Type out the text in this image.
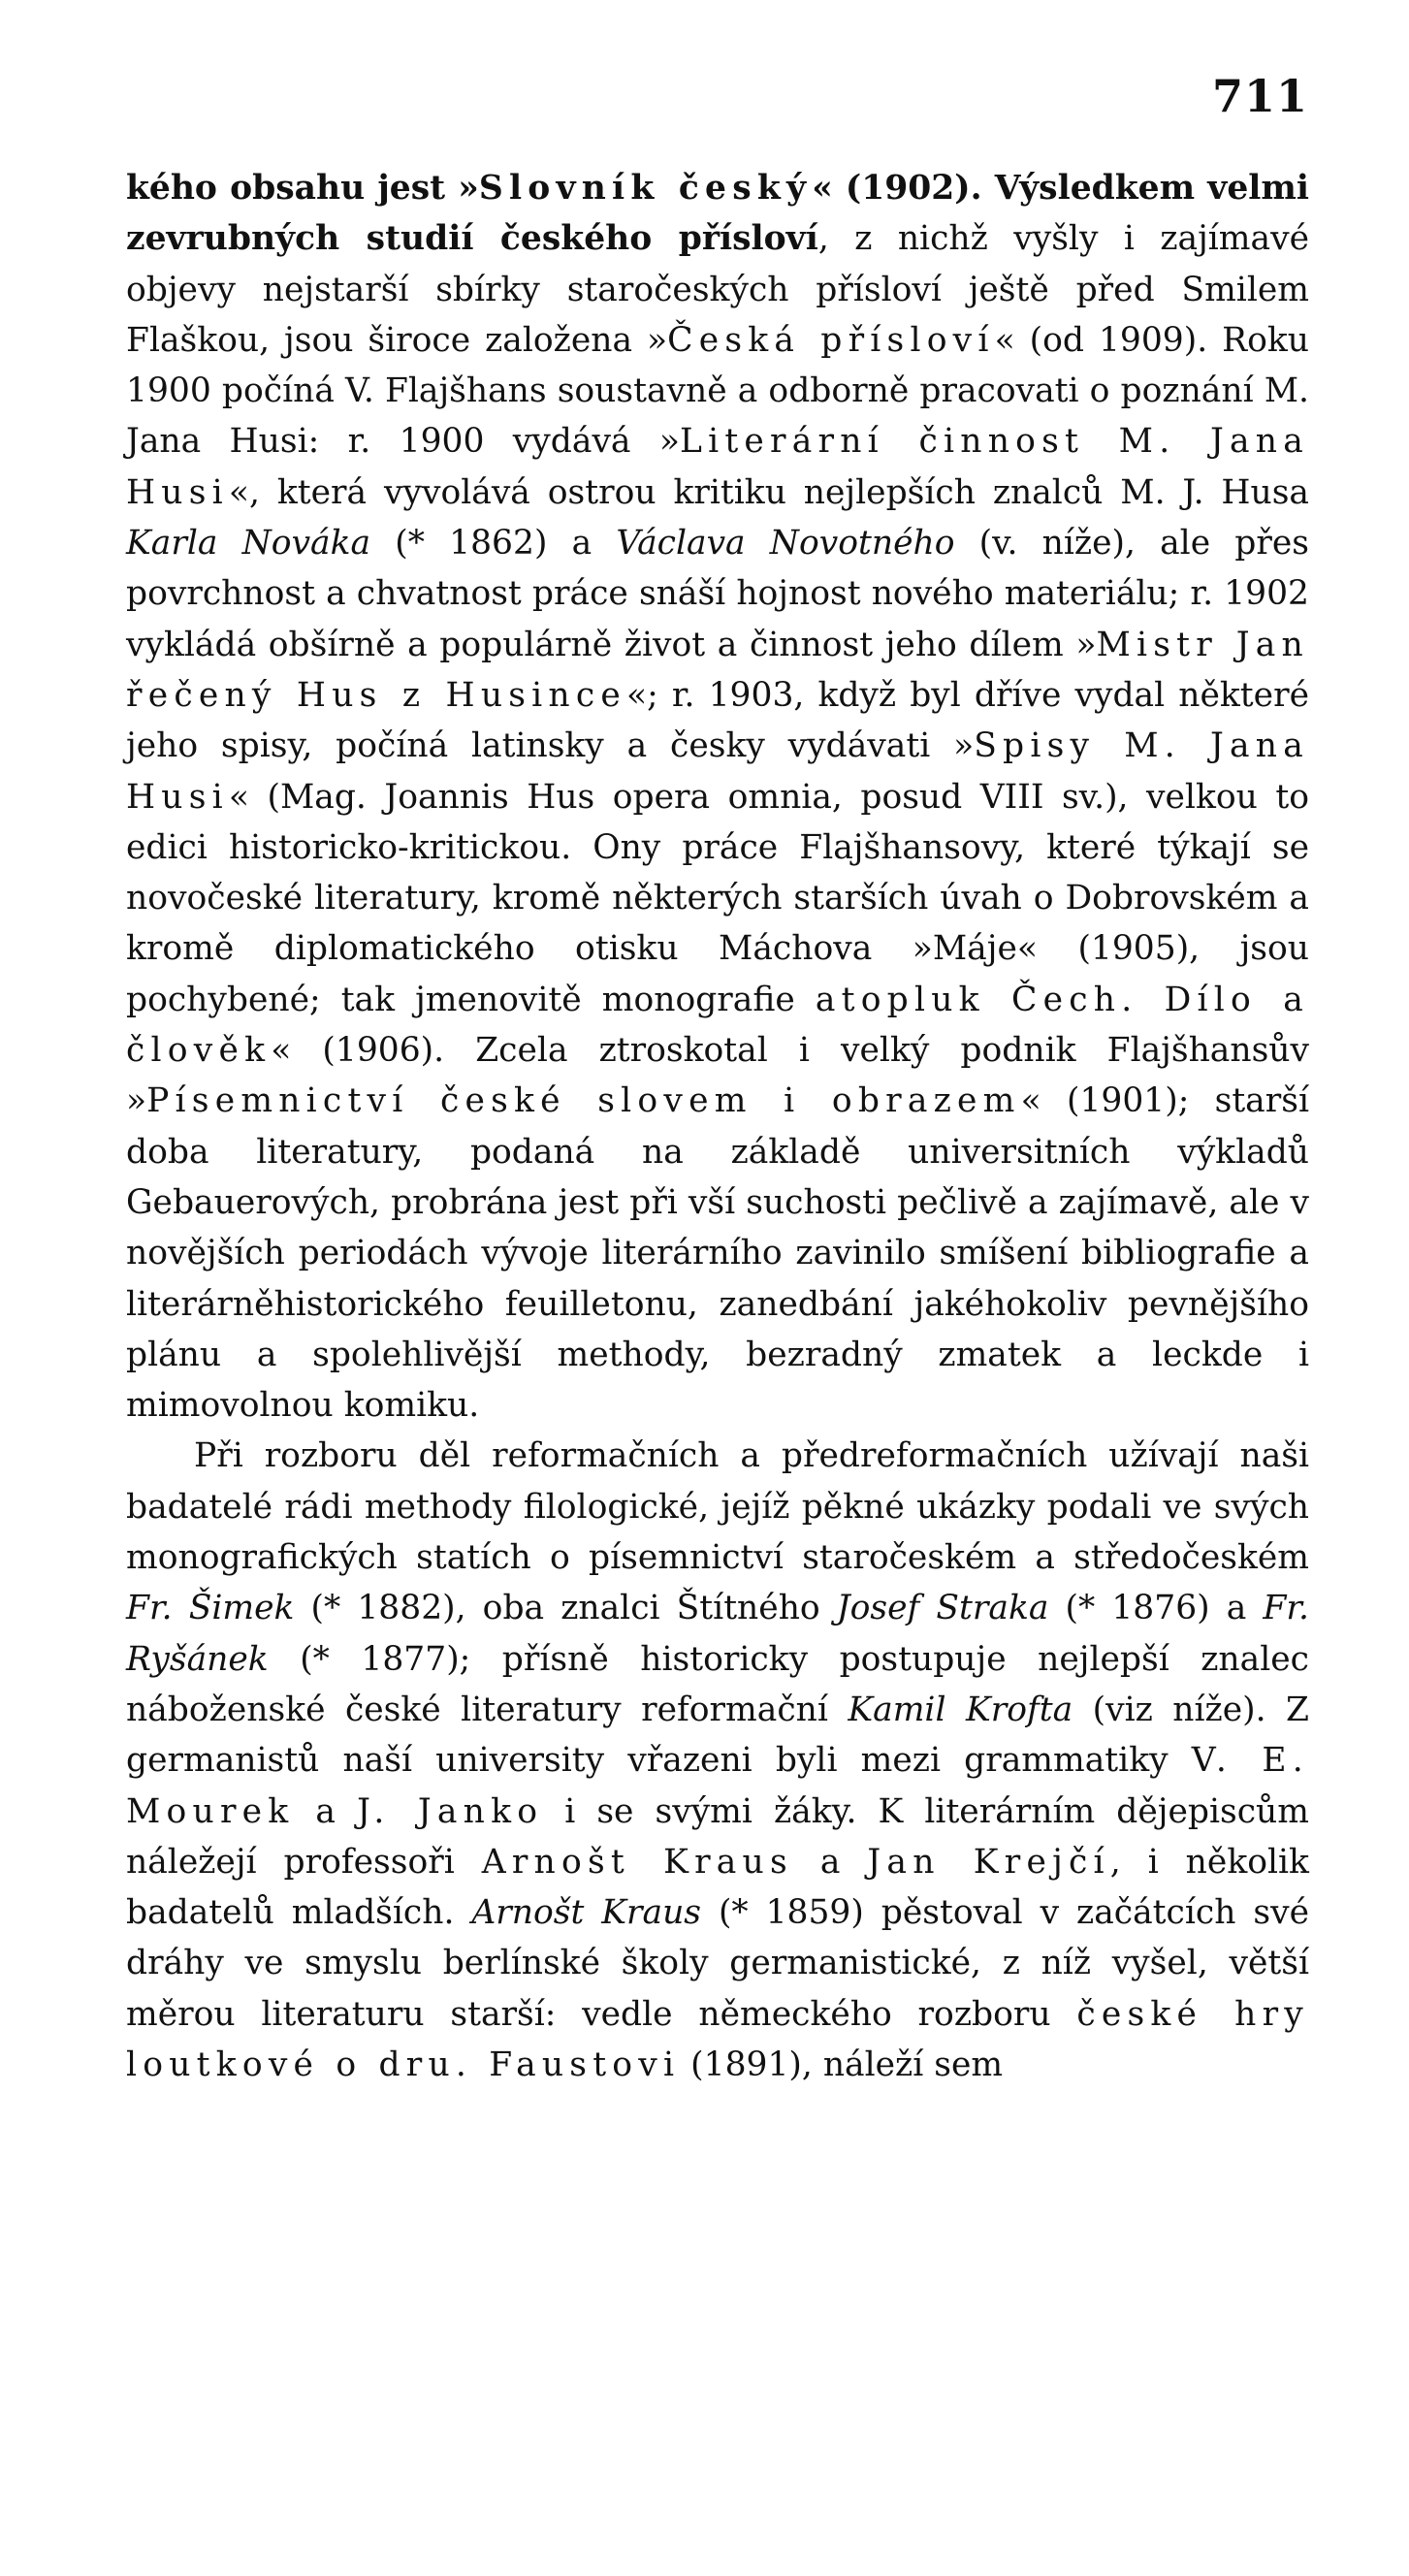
711

kého obsahu jest »Slovník český« (1902). Výsledkem velmi zevrubných studií českého přísloví, z nichž vyšly i zajímavé objevy nejstarší sbírky staročeských přísloví ještě před Smilem Flaškou, jsou široce založena »Česká přísloví« (od 1909). Roku 1900 počíná V. Flajšhans soustavně a odborně pracovati o poznání M. Jana Husi: r. 1900 vydává »Literární činnost M. Jana Husi«, která vyvolává ostrou kritiku nejlepších znalců M. J. Husa Karla Nováka (* 1862) a Václava Novotného (v. níže), ale přes povrchnost a chvatnost práce snáší hojnost nového materiálu; r. 1902 vykládá obšírně a populárně život a činnost jeho dílem »Mistr Jan řečený Hus z Husince«; r. 1903, když byl dříve vydal některé jeho spisy, počíná latinsky a česky vydávati »Spisy M. Jana Husi« (Mag. Joannis Hus opera omnia, posud VIII sv.), velkou to edici historicko-kritickou. Ony práce Flajšhansovy, které týkají se novočeské literatury, kromě některých starších úvah o Dobrovském a kromě diplomatického otisku Máchova »Máje« (1905), jsou pochybené; tak jmenovitě monografie atopluk Čech. Dílo a člověk« (1906). Zcela ztroskotal i velký podnik Flajšhansův »Písemnictví české slovem i obrazem« (1901); starší doba literatury, podaná na základě universitních výkladů Gebauerových, probrána jest při vší suchosti pečlivě a zajímavě, ale v novějších periodách vývoje literárního zavinilo smíšení bibliografie a literárněhistorického feuilletonu, zanedbání jakéhokoliv pevnějšího plánu a spolehlivější methody, bezradný zmatek a leckde i mimovolnou komiku.

Při rozboru děl reformačních a předreformačních užívají naši badatelé rádi methody filologické, jejíž pěkné ukázky podali ve svých monografických statích o písemnictví staročeském a středočeském Fr. Šimek (* 1882), oba znalci Štítného Josef Straka (* 1876) a Fr. Ryšánek (* 1877); přísně historicky postupuje nejlepší znalec náboženské české literatury reformační Kamil Krofta (viz níže). Z germanistů naší university vřazeni byli mezi grammatiky V. E. Mourek a J. Janko i se svými žáky. K literárním dějepiscům náležejí professoři Arnošt Kraus a Jan Krejčí, i několik badatelů mladších. Arnošt Kraus (* 1859) pěstoval v začátcích své dráhy ve smyslu berlínské školy germanistické, z níž vyšel, větší měrou literaturu starší: vedle německého rozboru české hry loutkové o dru. Faustovi (1891), náleží sem
